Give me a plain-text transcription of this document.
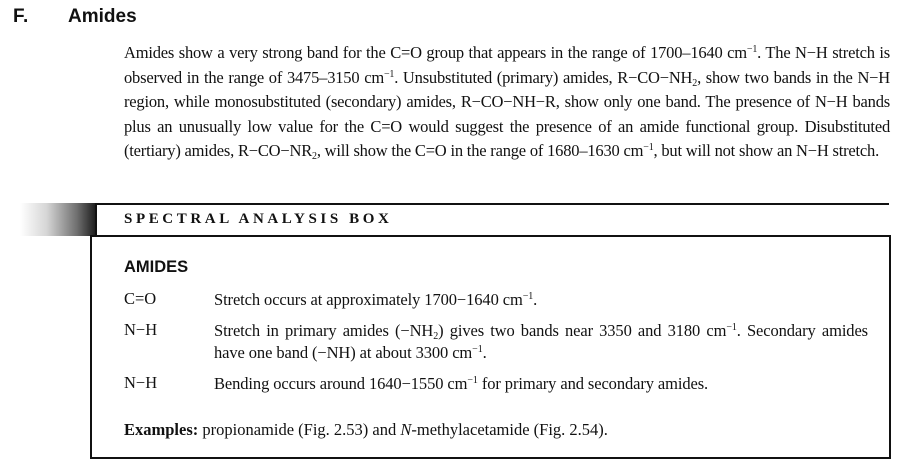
F. Amides
Amides show a very strong band for the C=O group that appears in the range of 1700–1640 $cm^{-1}$. The N−H stretch is observed in the range of 3475–3150 $cm^{-1}$. Unsubstituted (primary) amides, $R-CO-NH_2$, show two bands in the N−H region, while monosubstituted (secondary) amides, R−CO−NH−R, show only one band. The presence of N−H bands plus an unusually low value for the C=O would suggest the presence of an amide functional group. Disubstituted (tertiary) amides, $R-CO-NR_2$, will show the C=O in the range of 1680–1630 $cm^{-1}$, but will not show an N−H stretch.
SPECTRAL ANALYSIS BOX
AMIDES
C=O	Stretch occurs at approximately 1700−1640 $cm^{-1}$.
N−H	Stretch in primary amides $(-NH_2)$ gives two bands near 3350 and 3180 $cm^{-1}$. Secondary amides have one band (−NH) at about 3300 $cm^{-1}$.
N−H	Bending occurs around 1640−1550 $cm^{-1}$ for primary and secondary amides.
Examples: propionamide (Fig. 2.53) and N-methylacetamide (Fig. 2.54).
